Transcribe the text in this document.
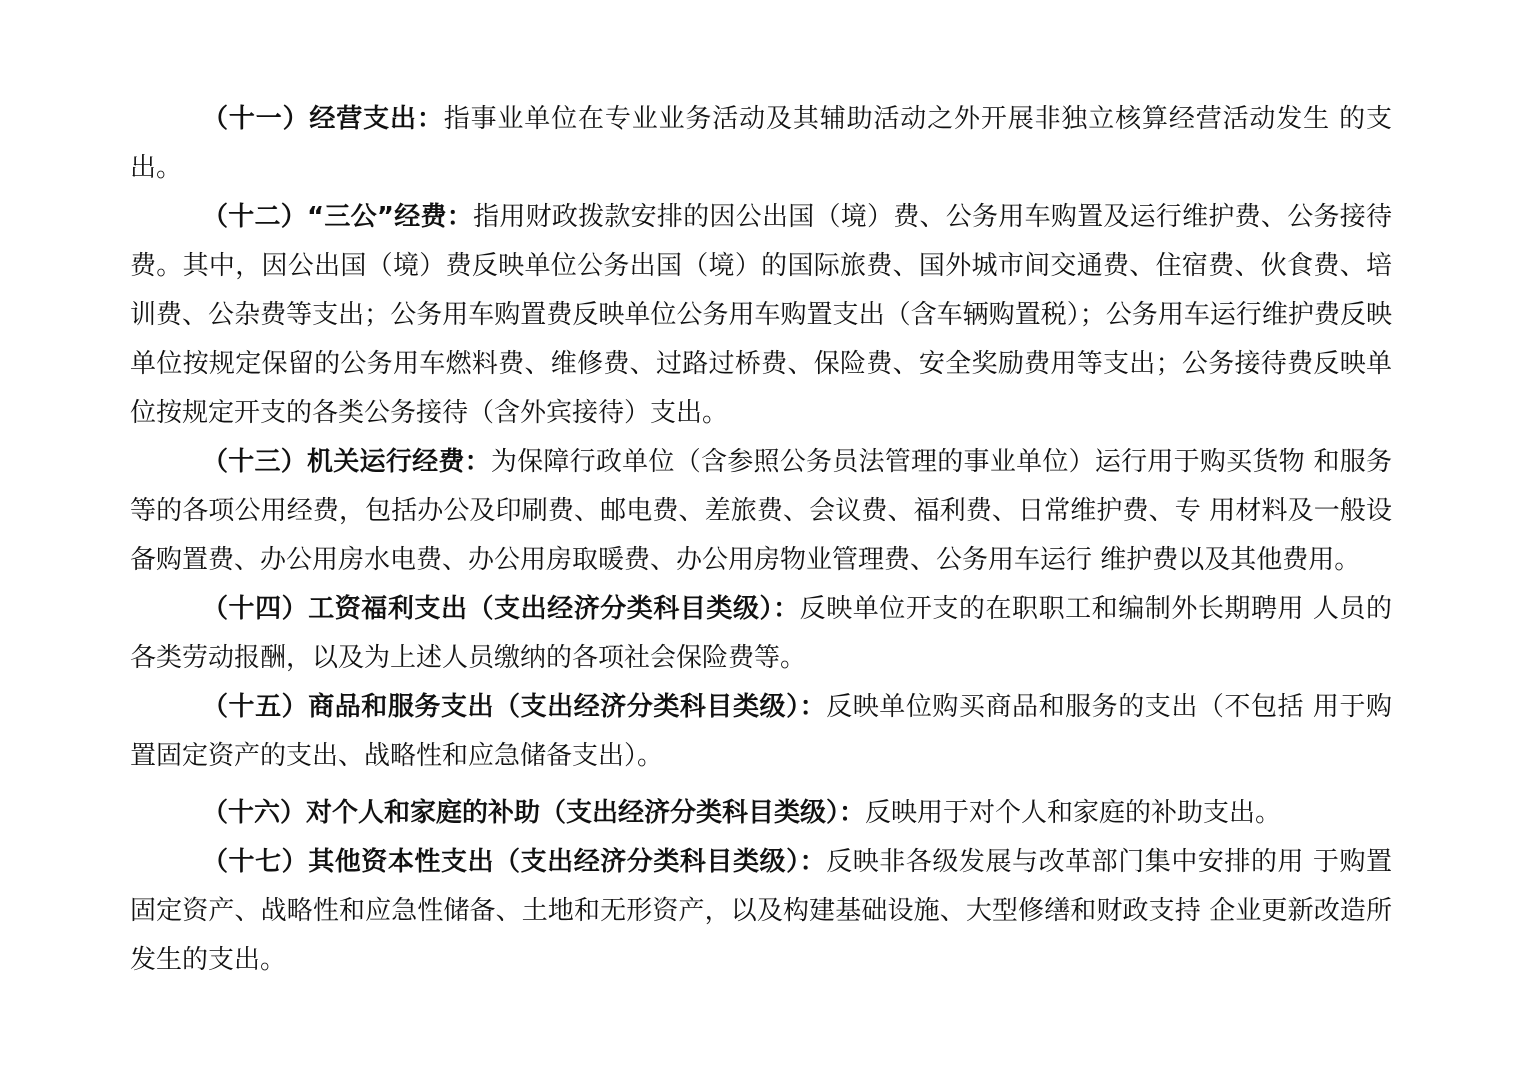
（十一）经营支出：指事业单位在专业业务活动及其辅助活动之外开展非独立核算经营活动发生 的支出。

（十二）“三公”经费：指用财政拨款安排的因公出国（境）费、公务用车购置及运行维护费、公务接待费。其中，因公出国（境）费反映单位公务出国（境）的国际旅费、国外城市间交通费、住宿费、伙食费、培训费、公杂费等支出；公务用车购置费反映单位公务用车购置支出（含车辆购置税）；公务用车运行维护费反映单位按规定保留的公务用车燃料费、维修费、过路过桥费、保险费、安全奖励费用等支出；公务接待费反映单位按规定开支的各类公务接待（含外宾接待）支出。

（十三）机关运行经费：为保障行政单位（含参照公务员法管理的事业单位）运行用于购买货物 和服务等的各项公用经费，包括办公及印刷费、邮电费、差旅费、会议费、福利费、日常维护费、专 用材料及一般设备购置费、办公用房水电费、办公用房取暖费、办公用房物业管理费、公务用车运行 维护费以及其他费用。

（十四）工资福利支出（支出经济分类科目类级）：反映单位开支的在职职工和编制外长期聘用 人员的各类劳动报酬，以及为上述人员缴纳的各项社会保险费等。

（十五）商品和服务支出（支出经济分类科目类级）：反映单位购买商品和服务的支出（不包括 用于购置固定资产的支出、战略性和应急储备支出）。

（十六）对个人和家庭的补助（支出经济分类科目类级）：反映用于对个人和家庭的补助支出。

（十七）其他资本性支出（支出经济分类科目类级）：反映非各级发展与改革部门集中安排的用 于购置固定资产、战略性和应急性储备、土地和无形资产，以及构建基础设施、大型修缮和财政支持 企业更新改造所发生的支出。
